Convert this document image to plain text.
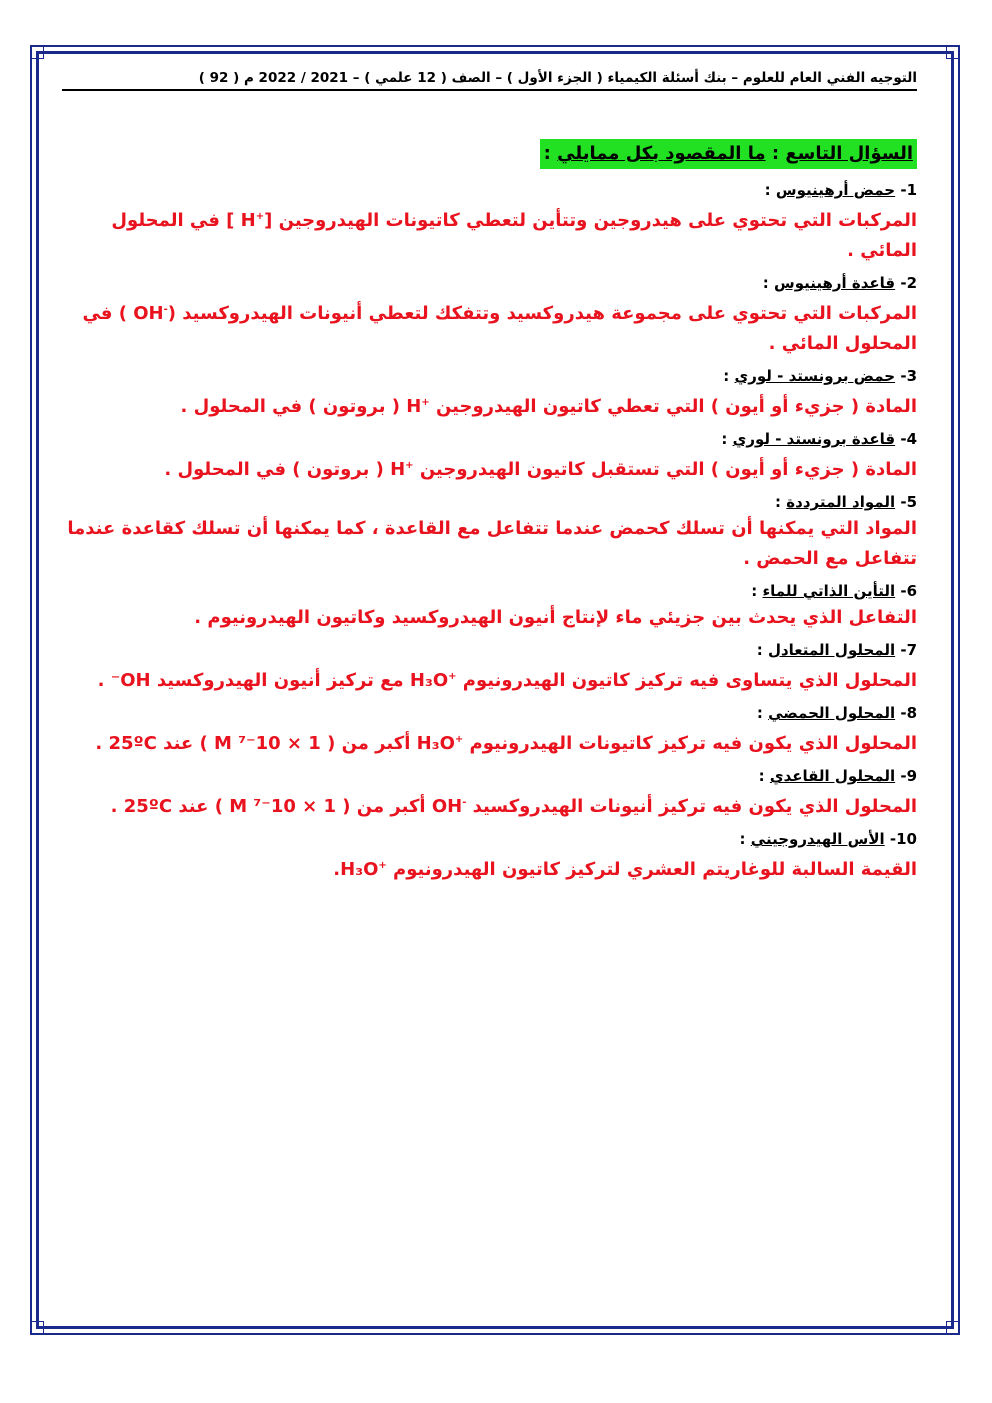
التوجيه الفني العام للعلوم – بنك أسئلة الكيمياء ( الجزء الأول ) – الصف ( 12 علمي ) – 2021 / 2022 م ( 92 )
السؤال التاسع : ما المقصود بكل ممايلي :
1- حمض أرهينيوس :
المركبات التي تحتوي على هيدروجين وتتأين لتعطي كاتيونات الهيدروجين [H+ ] في المحلول المائي .
2- قاعدة أرهينيوس :
المركبات التي تحتوي على مجموعة هيدروكسيد وتتفكك لتعطي أنيونات الهيدروكسيد (OH- ) في المحلول المائي .
3- حمض برونستد - لوري :
المادة ( جزيء أو أيون ) التي تعطي كاتيون الهيدروجين H+ ( بروتون ) في المحلول .
4- قاعدة برونستد - لوري :
المادة ( جزيء أو أيون ) التي تستقبل كاتيون الهيدروجين H+ ( بروتون ) في المحلول .
5- المواد المترددة :
المواد التي يمكنها أن تسلك كحمض عندما تتفاعل مع القاعدة ، كما يمكنها أن تسلك كقاعدة عندما تتفاعل مع الحمض .
6- التأين الذاتي للماء :
التفاعل الذي يحدث بين جزيئي ماء لإنتاج أنيون الهيدروكسيد وكاتيون الهيدرونيوم .
7- المحلول المتعادل :
المحلول الذي يتساوى فيه تركيز كاتيون الهيدرونيوم H₃O+ مع تركيز أنيون الهيدروكسيد OH⁻ .
8- المحلول الحمضي :
المحلول الذي يكون فيه تركيز كاتيونات الهيدرونيوم H₃O+ أكبر من ( 1 × 10⁻⁷ M ) عند 25ºC .
9- المحلول القاعدي :
المحلول الذي يكون فيه تركيز أنيونات الهيدروكسيد OH- أكبر من ( 1 × 10⁻⁷ M ) عند 25ºC .
10- الأس الهيدروجيني :
القيمة السالبة للوغاريتم العشري لتركيز كاتيون الهيدرونيوم H₃O+.
